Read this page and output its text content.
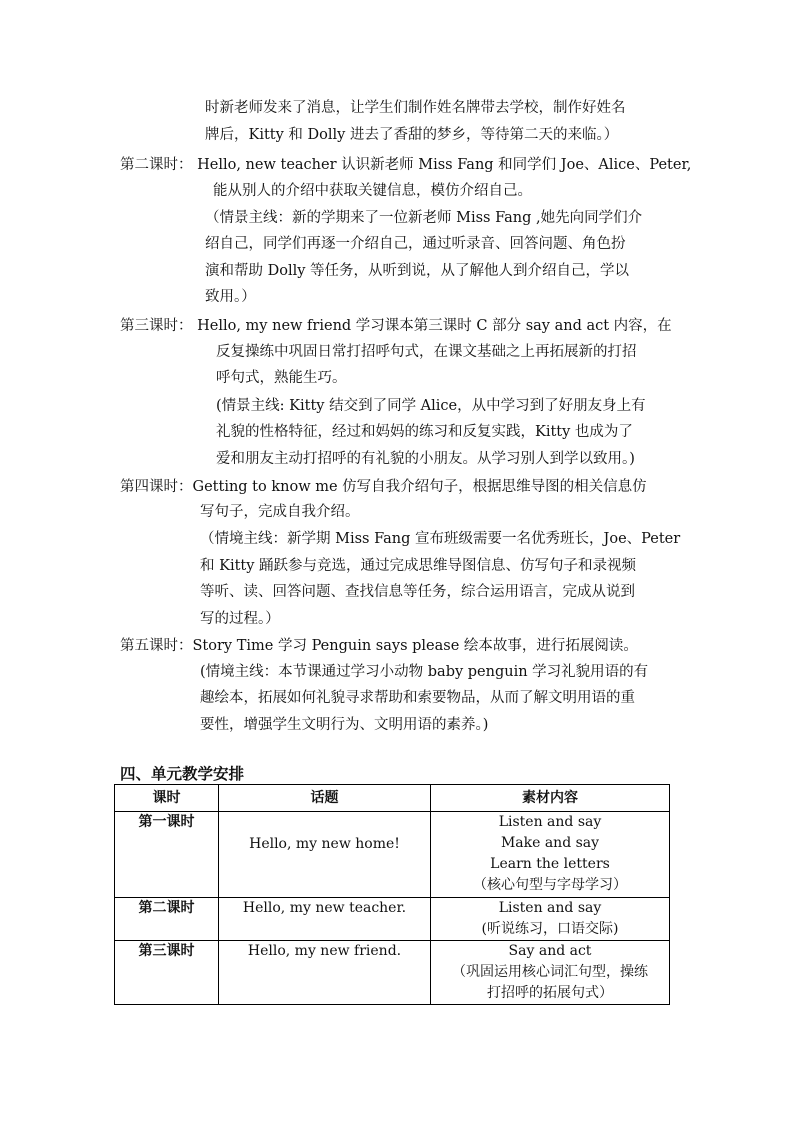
时新老师发来了消息，让学生们制作姓名牌带去学校，制作好姓名
牌后，Kitty 和 Dolly 进去了香甜的梦乡，等待第二天的来临。）
第二课时： Hello, new teacher 认识新老师 Miss Fang 和同学们 Joe、Alice、Peter,
能从别人的介绍中获取关键信息，模仿介绍自己。
（情景主线：新的学期来了一位新老师 Miss Fang ,她先向同学们介
绍自己，同学们再逐一介绍自己，通过听录音、回答问题、角色扮
演和帮助 Dolly 等任务，从听到说，从了解他人到介绍自己，学以
致用。）
第三课时： Hello, my new friend 学习课本第三课时 C 部分 say and act 内容，在
反复操练中巩固日常打招呼句式，在课文基础之上再拓展新的打招
呼句式，熟能生巧。
(情景主线: Kitty 结交到了同学 Alice，从中学习到了好朋友身上有
礼貌的性格特征，经过和妈妈的练习和反复实践，Kitty 也成为了
爱和朋友主动打招呼的有礼貌的小朋友。从学习别人到学以致用。)
第四课时：Getting to know me 仿写自我介绍句子，根据思维导图的相关信息仿
写句子，完成自我介绍。
（情境主线：新学期 Miss Fang 宣布班级需要一名优秀班长，Joe、Peter
和 Kitty 踊跃参与竞选，通过完成思维导图信息、仿写句子和录视频
等听、读、回答问题、查找信息等任务，综合运用语言，完成从说到
写的过程。）
第五课时：Story Time 学习 Penguin says please 绘本故事，进行拓展阅读。
(情境主线：本节课通过学习小动物 baby penguin 学习礼貌用语的有
趣绘本，拓展如何礼貌寻求帮助和索要物品，从而了解文明用语的重
要性，增强学生文明行为、文明用语的素养。)
四、单元教学安排
课时	话题	素材内容
第一课时	Hello, my new home!	Listen and say
Make and say
Learn the letters
（核心句型与字母学习）

第二课时	Hello, my new teacher.	Listen and say
(听说练习，口语交际)

第三课时	Hello, my new friend.	Say and act
（巩固运用核心词汇句型，操练
打招呼的拓展句式）
